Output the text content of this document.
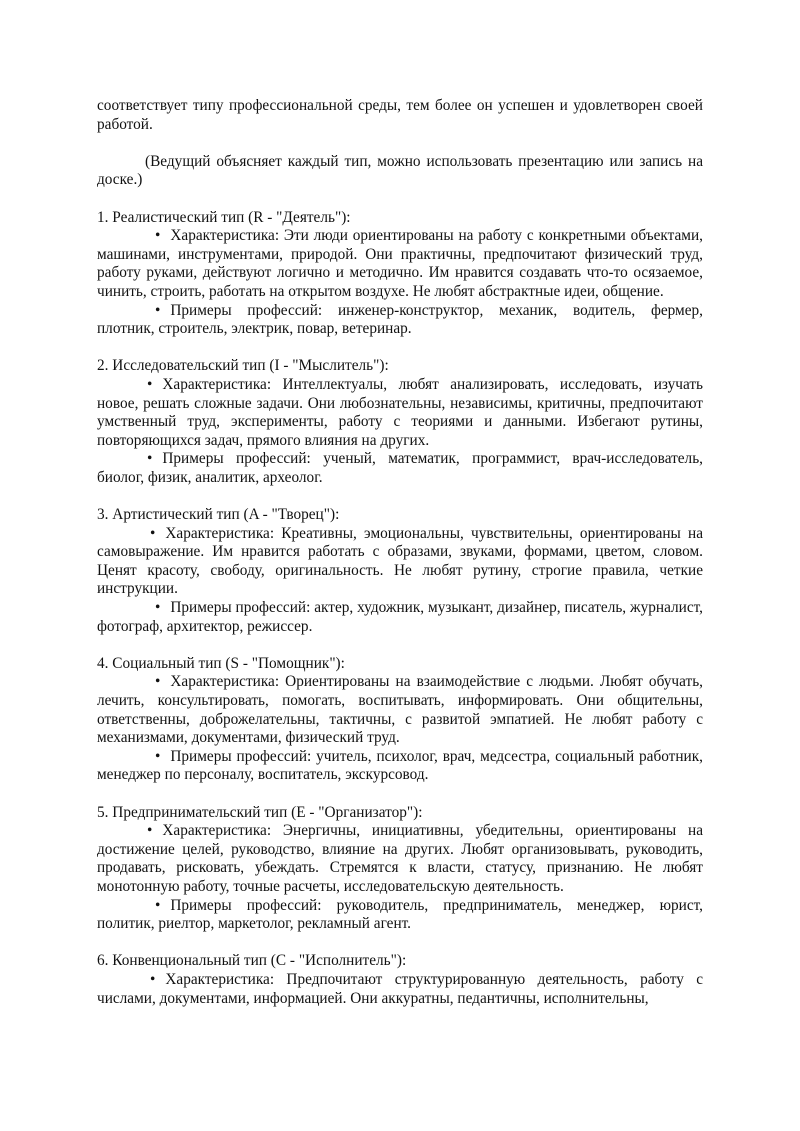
соответствует типу профессиональной среды, тем более он успешен и удовлетворен своей работой.

(Ведущий объясняет каждый тип, можно использовать презентацию или запись на доске.)

1. Реалистический тип (R - "Деятель"):

• Характеристика: Эти люди ориентированы на работу с конкретными объектами, машинами, инструментами, природой. Они практичны, предпочитают физический труд, работу руками, действуют логично и методично. Им нравится создавать что-то осязаемое, чинить, строить, работать на открытом воздухе. Не любят абстрактные идеи, общение.

• Примеры профессий: инженер-конструктор, механик, водитель, фермер, плотник, строитель, электрик, повар, ветеринар.

2. Исследовательский тип (I - "Мыслитель"):

• Характеристика: Интеллектуалы, любят анализировать, исследовать, изучать новое, решать сложные задачи. Они любознательны, независимы, критичны, предпочитают умственный труд, эксперименты, работу с теориями и данными. Избегают рутины, повторяющихся задач, прямого влияния на других.

• Примеры профессий: ученый, математик, программист, врач-исследователь, биолог, физик, аналитик, археолог.

3. Артистический тип (A - "Творец"):

• Характеристика: Креативны, эмоциональны, чувствительны, ориентированы на самовыражение. Им нравится работать с образами, звуками, формами, цветом, словом. Ценят красоту, свободу, оригинальность. Не любят рутину, строгие правила, четкие инструкции.

• Примеры профессий: актер, художник, музыкант, дизайнер, писатель, журналист, фотограф, архитектор, режиссер.

4. Социальный тип (S - "Помощник"):

• Характеристика: Ориентированы на взаимодействие с людьми. Любят обучать, лечить, консультировать, помогать, воспитывать, информировать. Они общительны, ответственны, доброжелательны, тактичны, с развитой эмпатией. Не любят работу с механизмами, документами, физический труд.

• Примеры профессий: учитель, психолог, врач, медсестра, социальный работник, менеджер по персоналу, воспитатель, экскурсовод.

5. Предпринимательский тип (E - "Организатор"):

• Характеристика: Энергичны, инициативны, убедительны, ориентированы на достижение целей, руководство, влияние на других. Любят организовывать, руководить, продавать, рисковать, убеждать. Стремятся к власти, статусу, признанию. Не любят монотонную работу, точные расчеты, исследовательскую деятельность.

• Примеры профессий: руководитель, предприниматель, менеджер, юрист, политик, риелтор, маркетолог, рекламный агент.

6. Конвенциональный тип (C - "Исполнитель"):

• Характеристика: Предпочитают структурированную деятельность, работу с числами, документами, информацией. Они аккуратны, педантичны, исполнительны,
